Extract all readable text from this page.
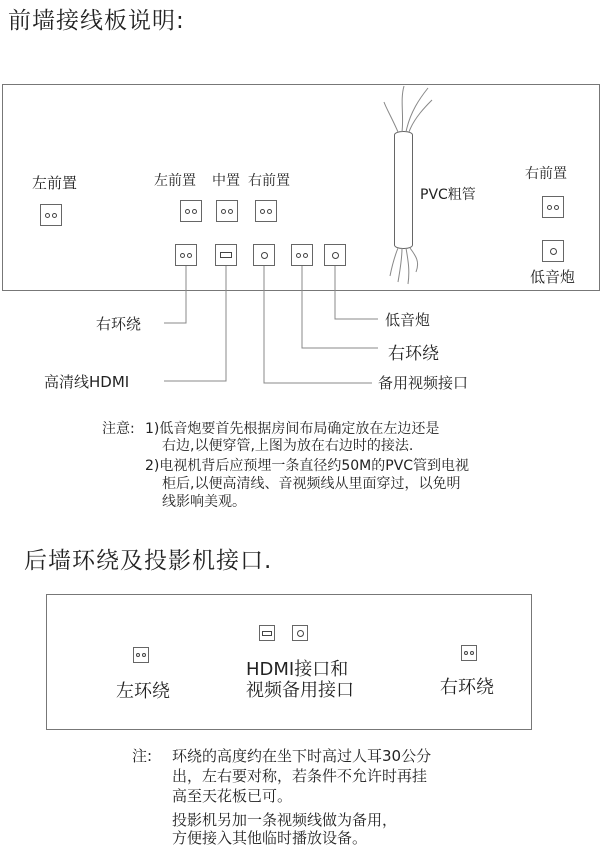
前墙接线板说明:
左前置	左前置 中置 右前置	右前置
PVC粗管
低音炮
右环绕	低音炮
右环绕
高清线HDMI	备用视频接口
注意: 1)低音炮要首先根据房间布局确定放在左边还是
右边,以便穿管,上图为放在右边时的接法.
2)电视机背后应预埋一条直径约50M的PVC管到电视
柜后,以便高清线、音视频线从里面穿过，以免明
线影响美观。
后墙环绕及投影机接口.
左环绕
HDMI接口和
视频备用接口	右环绕
注: 环绕的高度约在坐下时高过人耳30公分
出，左右要对称，若条件不允许时再挂
高至天花板已可。
投影机另加一条视频线做为备用，
方便接入其他临时播放设备。
